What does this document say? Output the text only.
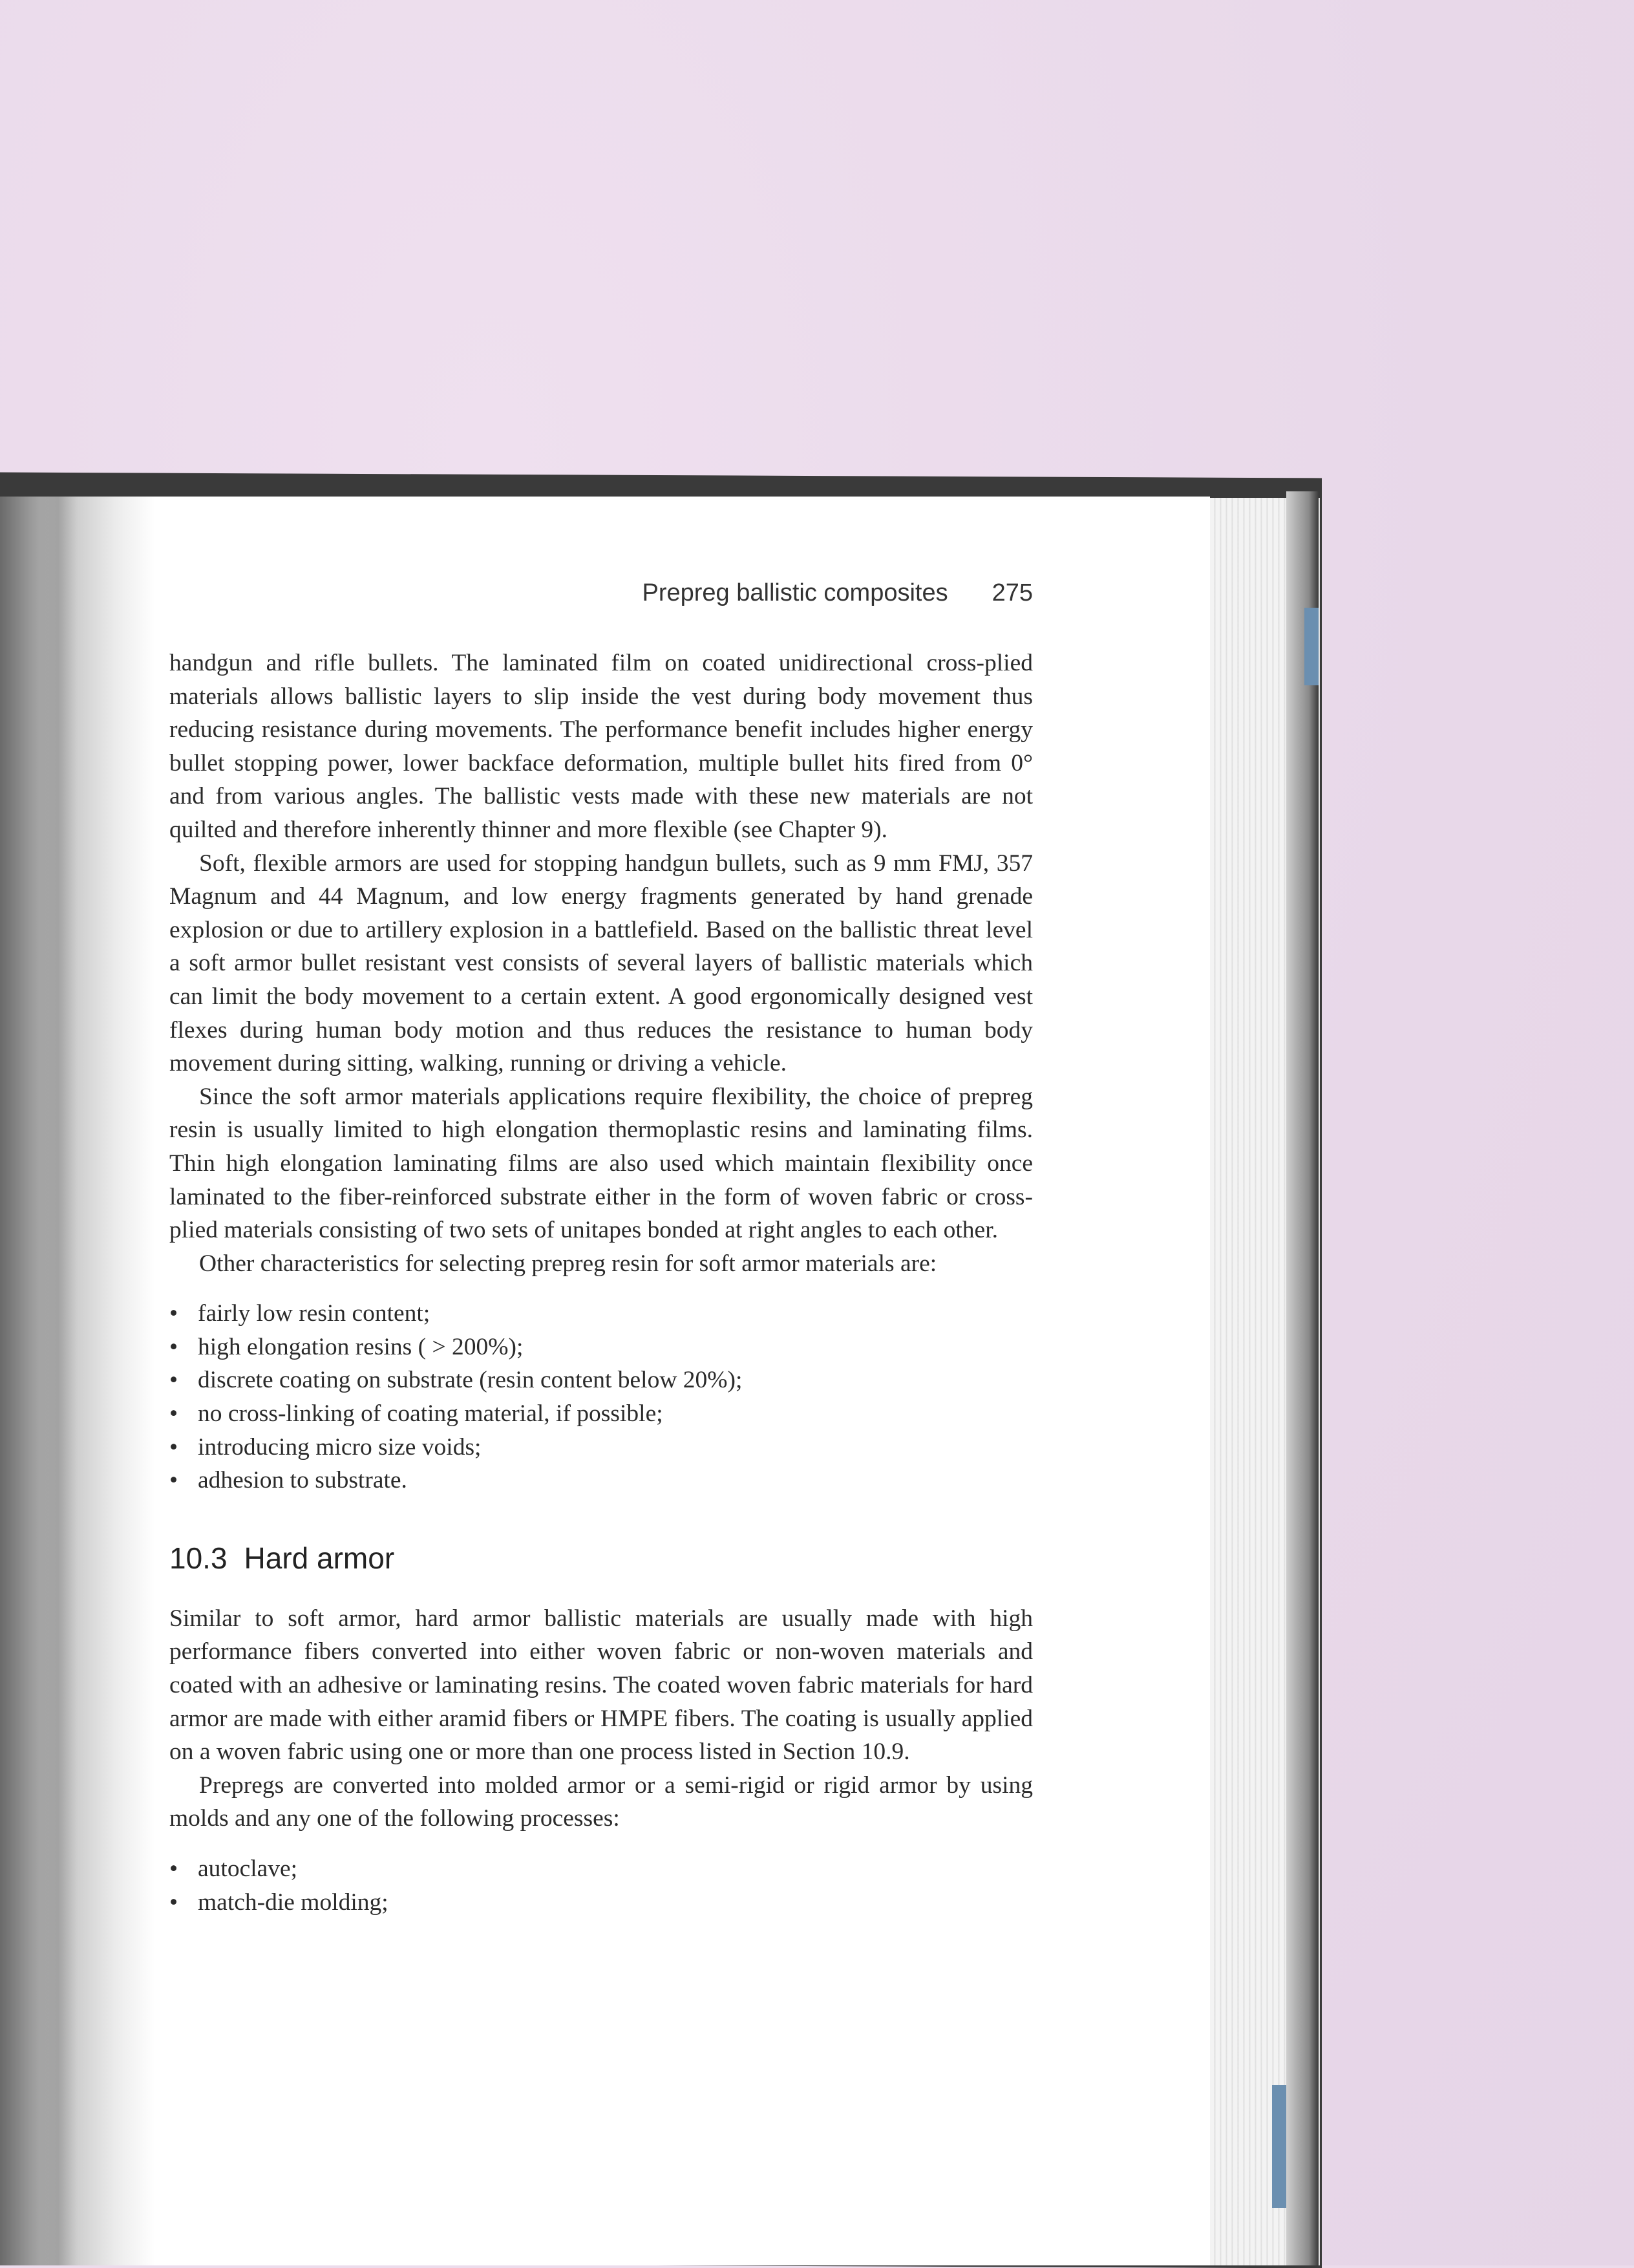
Prepreg ballistic composites 275

handgun and rifle bullets. The laminated film on coated unidirectional cross-plied materials allows ballistic layers to slip inside the vest during body movement thus reducing resistance during movements. The performance benefit includes higher energy bullet stopping power, lower backface deformation, multiple bullet hits fired from 0° and from various angles. The ballistic vests made with these new materials are not quilted and therefore inherently thinner and more flexible (see Chapter 9).

Soft, flexible armors are used for stopping handgun bullets, such as 9 mm FMJ, 357 Magnum and 44 Magnum, and low energy fragments generated by hand grenade explosion or due to artillery explosion in a battlefield. Based on the ballistic threat level a soft armor bullet resistant vest consists of several layers of ballistic materials which can limit the body movement to a certain extent. A good ergonomically designed vest flexes during human body motion and thus reduces the resistance to human body movement during sitting, walking, running or driving a vehicle.

Since the soft armor materials applications require flexibility, the choice of prepreg resin is usually limited to high elongation thermoplastic resins and laminating films. Thin high elongation laminating films are also used which maintain flexibility once laminated to the fiber-reinforced substrate either in the form of woven fabric or cross-plied materials consisting of two sets of unitapes bonded at right angles to each other.

Other characteristics for selecting prepreg resin for soft armor materials are:

• fairly low resin content;
• high elongation resins ( > 200%);
• discrete coating on substrate (resin content below 20%);
• no cross-linking of coating material, if possible;
• introducing micro size voids;
• adhesion to substrate.
10.3 Hard armor

Similar to soft armor, hard armor ballistic materials are usually made with high performance fibers converted into either woven fabric or non-woven materials and coated with an adhesive or laminating resins. The coated woven fabric materials for hard armor are made with either aramid fibers or HMPE fibers. The coating is usually applied on a woven fabric using one or more than one process listed in Section 10.9.

Prepregs are converted into molded armor or a semi-rigid or rigid armor by using molds and any one of the following processes:

• autoclave;
• match-die molding;
